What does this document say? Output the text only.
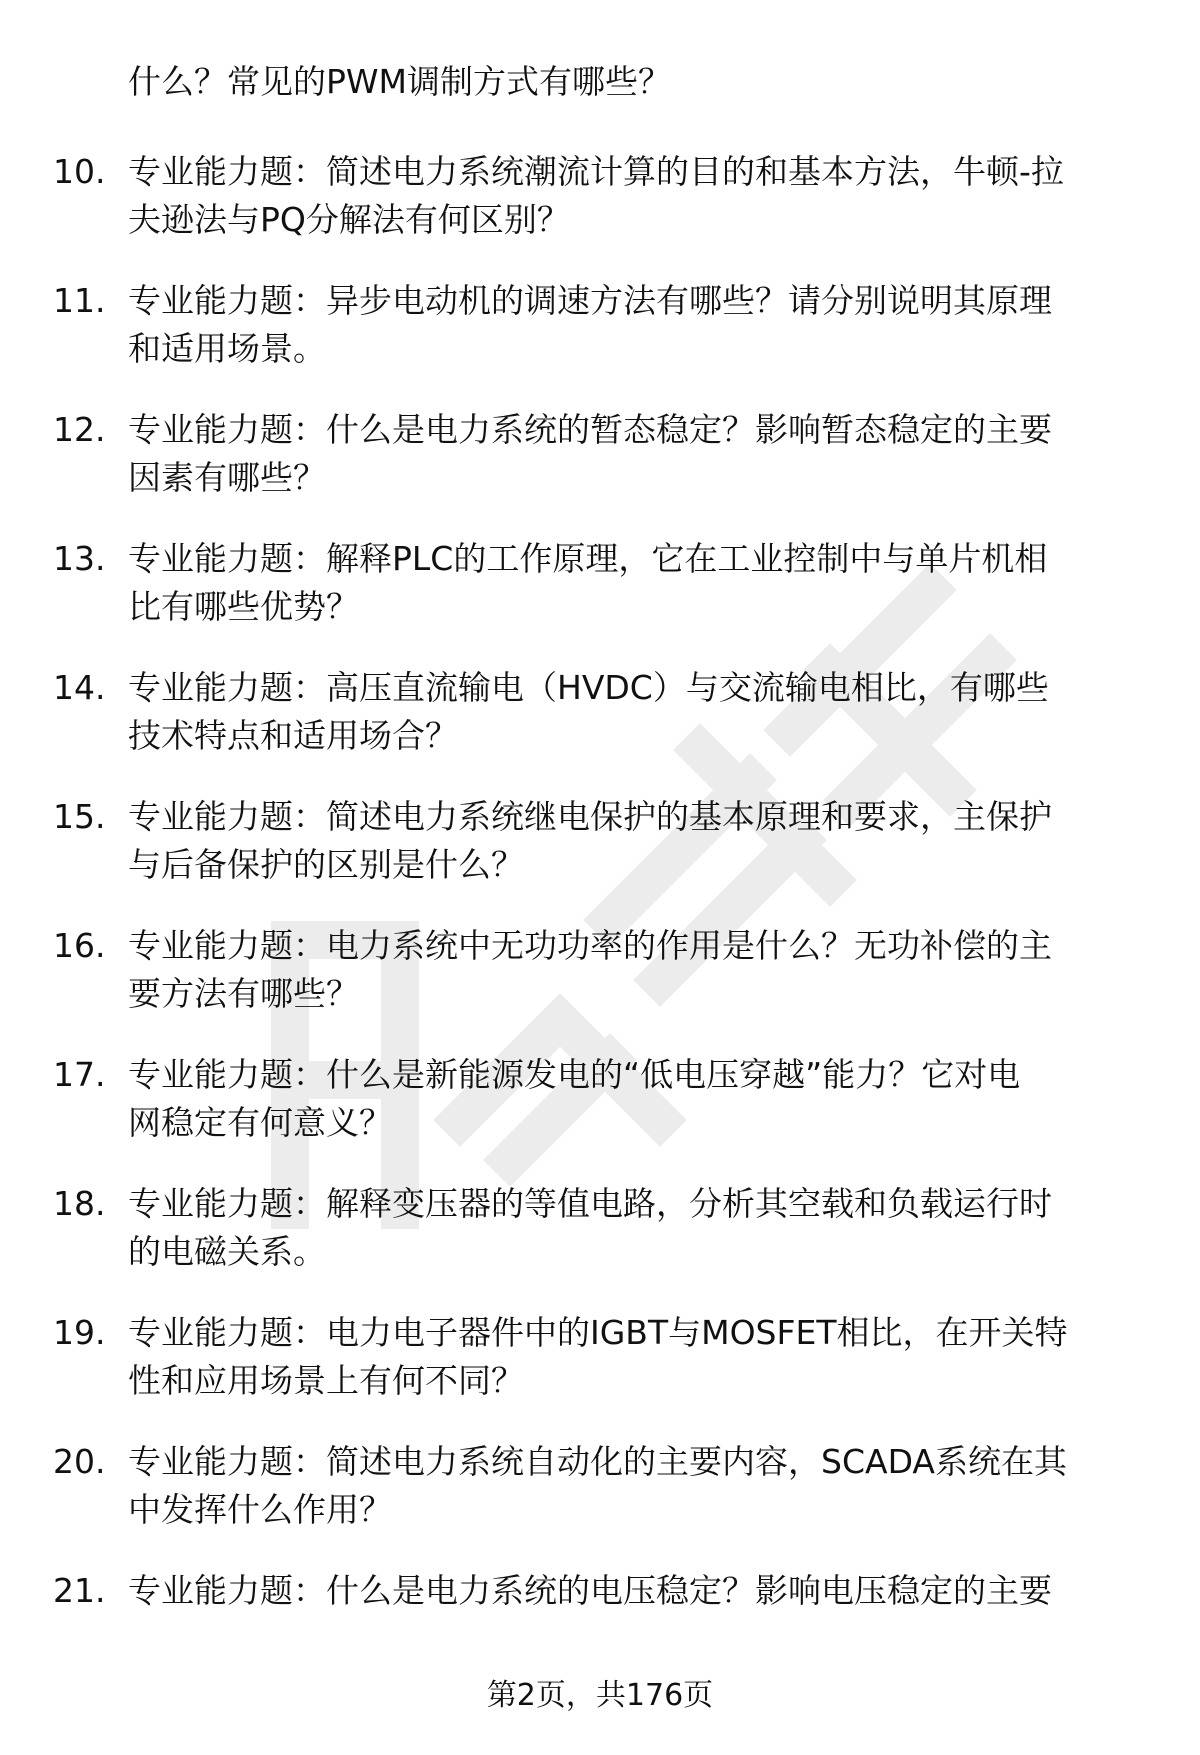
什么？常见的PWM调制方式有哪些？
10. 专业能力题：简述电力系统潮流计算的目的和基本方法，牛顿-拉
夫逊法与PQ分解法有何区别？
11. 专业能力题：异步电动机的调速方法有哪些？请分别说明其原理
和适用场景。
12. 专业能力题：什么是电力系统的暂态稳定？影响暂态稳定的主要
因素有哪些？
13. 专业能力题：解释PLC的工作原理，它在工业控制中与单片机相
比有哪些优势？
14. 专业能力题：高压直流输电（HVDC）与交流输电相比，有哪些
技术特点和适用场合？
15. 专业能力题：简述电力系统继电保护的基本原理和要求，主保护
与后备保护的区别是什么？
16. 专业能力题：电力系统中无功功率的作用是什么？无功补偿的主
要方法有哪些？
17. 专业能力题：什么是新能源发电的“低电压穿越”能力？它对电
网稳定有何意义？
18. 专业能力题：解释变压器的等值电路，分析其空载和负载运行时
的电磁关系。
19. 专业能力题：电力电子器件中的IGBT与MOSFET相比，在开关特
性和应用场景上有何不同？
20. 专业能力题：简述电力系统自动化的主要内容，SCADA系统在其
中发挥什么作用？
21. 专业能力题：什么是电力系统的电压稳定？影响电压稳定的主要
第2页，共176页
